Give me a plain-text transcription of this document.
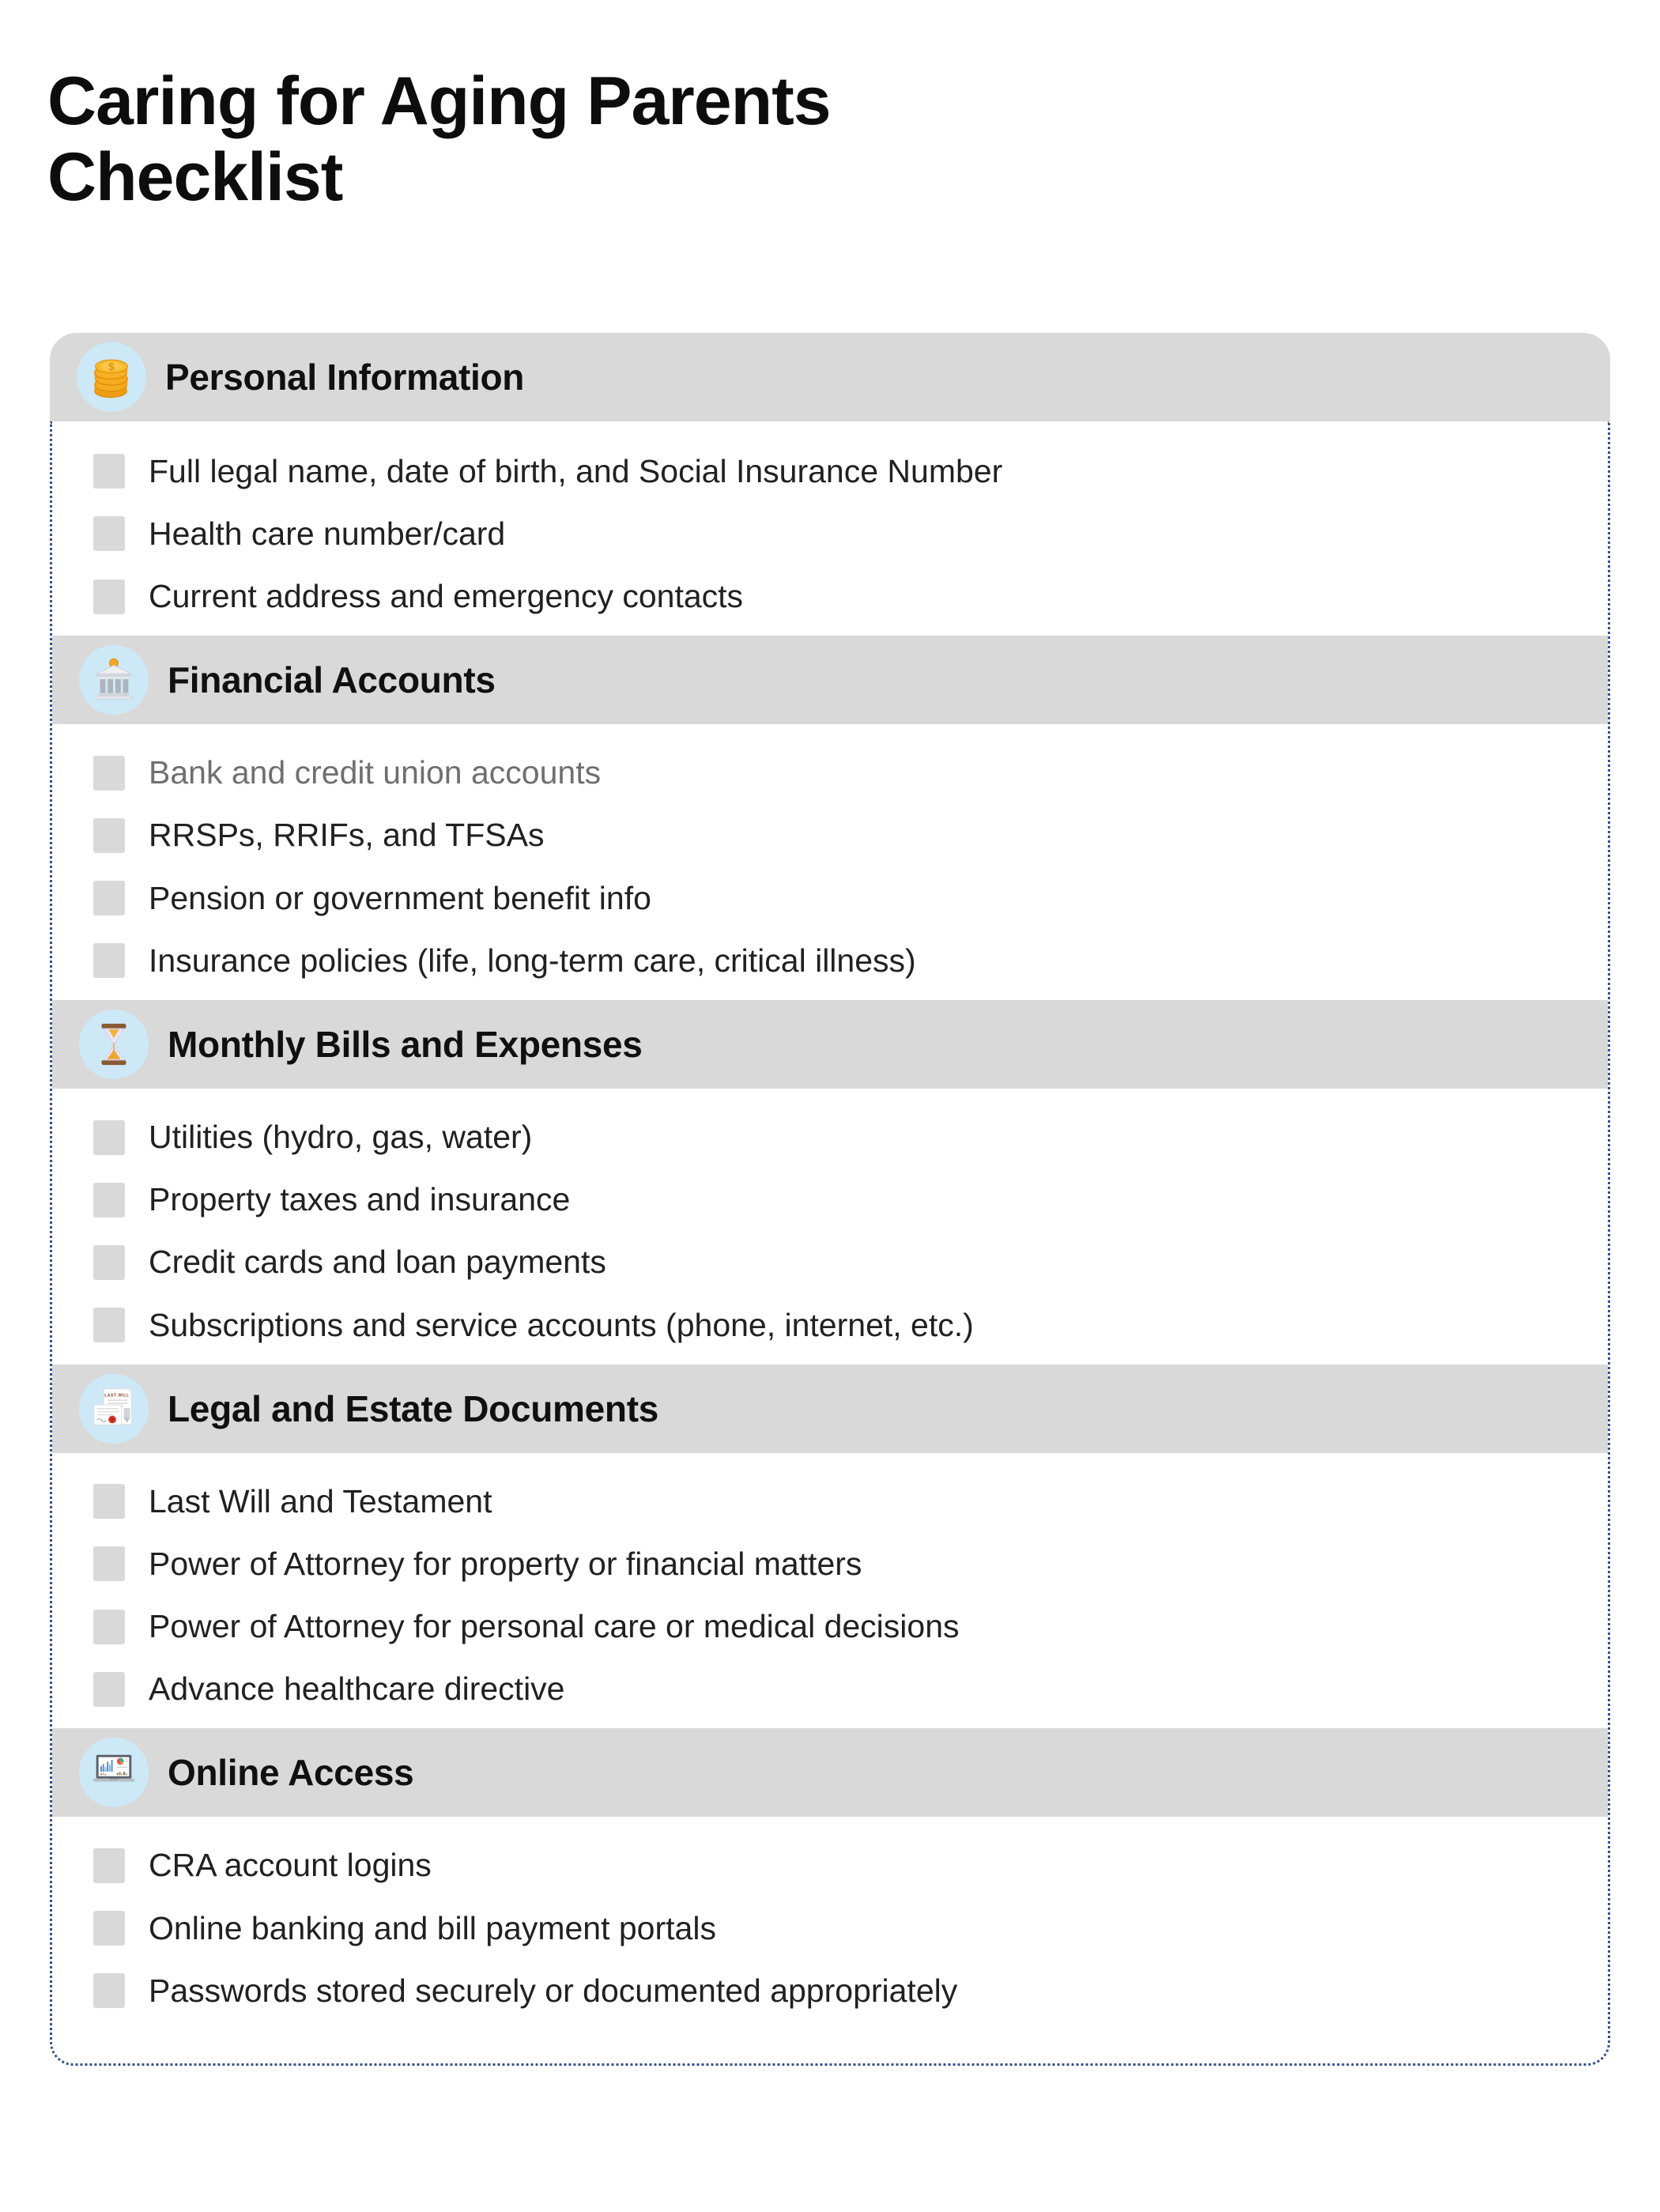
Caring for Aging Parents Checklist
$ Personal Information
Full legal name, date of birth, and Social Insurance Number
Health care number/card
Current address and emergency contacts
Financial Accounts
Bank and credit union accounts
RRSPs, RRIFs, and TFSAs
Pension or government benefit info
Insurance policies (life, long-term care, critical illness)
Monthly Bills and Expenses
Utilities (hydro, gas, water)
Property taxes and insurance
Credit cards and loan payments
Subscriptions and service accounts (phone, internet, etc.)
LAST WILL Legal and Estate Documents
Last Will and Testament
Power of Attorney for property or financial matters
Power of Attorney for personal care or medical decisions
Advance healthcare directive
Online Access
CRA account logins
Online banking and bill payment portals
Passwords stored securely or documented appropriately
